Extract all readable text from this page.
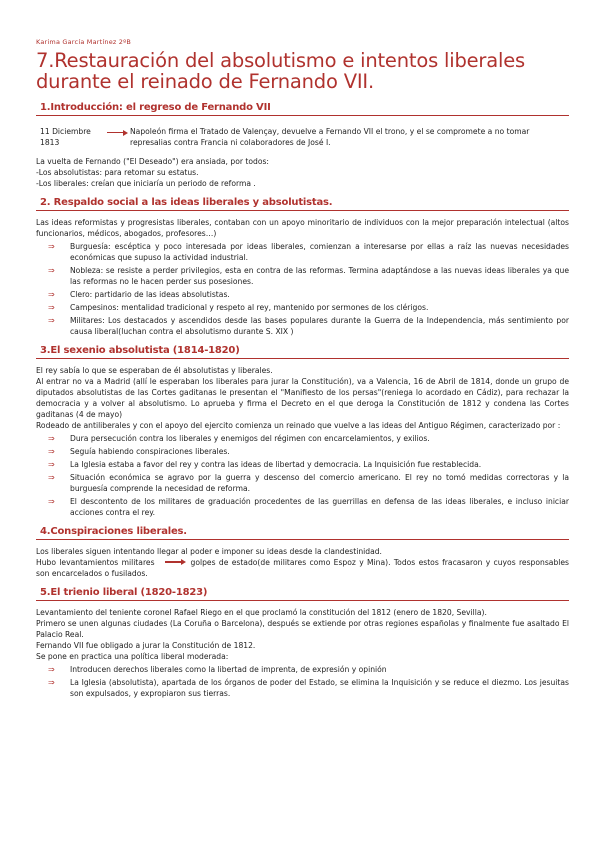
Karima García Martínez 2ºB
7.Restauración del absolutismo e intentos liberales durante el reinado de Fernando VII.
1.Introducción: el regreso de Fernando VII
11 Diciembre 1813
Napoleón firma el Tratado de Valençay, devuelve a Fernando VII el trono, y el se compromete a no tomar represalias contra Francia ni colaboradores de José I.

La vuelta de Fernando ("El Deseado") era ansiada, por todos:

-Los absolutistas: para retomar su estatus.

-Los liberales: creían que iniciaría un periodo de reforma .

2. Respaldo social a las ideas liberales y absolutistas.

Las ideas reformistas y progresistas liberales, contaban con un apoyo minoritario de individuos con la mejor preparación intelectual (altos funcionarios, médicos, abogados, profesores…)

⇒ Burguesía: escéptica y poco interesada por ideas liberales, comienzan a interesarse por ellas a raíz las nuevas necesidades económicas que supuso la actividad industrial.
⇒ Nobleza: se resiste a perder privilegios, esta en contra de las reformas. Termina adaptándose a las nuevas ideas liberales ya que las reformas no le hacen perder sus posesiones.
⇒ Clero: partidario de las ideas absolutistas.
⇒ Campesinos: mentalidad tradicional y respeto al rey, mantenido por sermones de los clérigos.
⇒ Militares: Los destacados y ascendidos desde las bases populares durante la Guerra de la Independencia, más sentimiento por causa liberal(luchan contra el absolutismo durante S. XIX )
3.El sexenio absolutista (1814-1820)

El rey sabía lo que se esperaban de él absolutistas y liberales.

Al entrar no va a Madrid (allí le esperaban los liberales para jurar la Constitución), va a Valencia, 16 de Abril de 1814, donde un grupo de diputados absolutistas de las Cortes gaditanas le presentan el "Manifiesto de los persas"(reniega lo acordado en Cádiz), para rechazar la democracia y a volver al absolutismo. Lo aprueba y firma el Decreto en el que deroga la Constitución de 1812 y condena las Cortes gaditanas (4 de mayo)

Rodeado de antiliberales y con el apoyo del ejercito comienza un reinado que vuelve a las ideas del Antiguo Régimen, caracterizado por :

⇒ Dura persecución contra los liberales y enemigos del régimen con encarcelamientos, y exilios.
⇒ Seguía habiendo conspiraciones liberales.
⇒ La Iglesia estaba a favor del rey y contra las ideas de libertad y democracia. La Inquisición fue restablecida.
⇒ Situación económica se agravo por la guerra y descenso del comercio americano. El rey no tomó medidas correctoras y la burguesía comprende la necesidad de reforma.
⇒ El descontento de los militares de graduación procedentes de las guerrillas en defensa de las ideas liberales, e incluso iniciar acciones contra el rey.
4.Conspiraciones liberales.

Los liberales siguen intentando llegar al poder e imponer su ideas desde la clandestinidad.

Hubo levantamientos militares	golpes de estado(de militares como Espoz y Mina). Todos estos fracasaron y cuyos responsables son encarcelados o fusilados.

5.El trienio liberal (1820-1823)

Levantamiento del teniente coronel Rafael Riego en el que proclamó la constitución del 1812 (enero de 1820, Sevilla).

Primero se unen algunas ciudades (La Coruña o Barcelona), después se extiende por otras regiones españolas y finalmente fue asaltado El Palacio Real.

Fernando VII fue obligado a jurar la Constitución de 1812.

Se pone en practica una política liberal moderada:

⇒ Introducen derechos liberales como la libertad de imprenta, de expresión y opinión
⇒ La Iglesia (absolutista), apartada de los órganos de poder del Estado, se elimina la Inquisición y se reduce el diezmo. Los jesuitas son expulsados, y expropiaron sus tierras.
